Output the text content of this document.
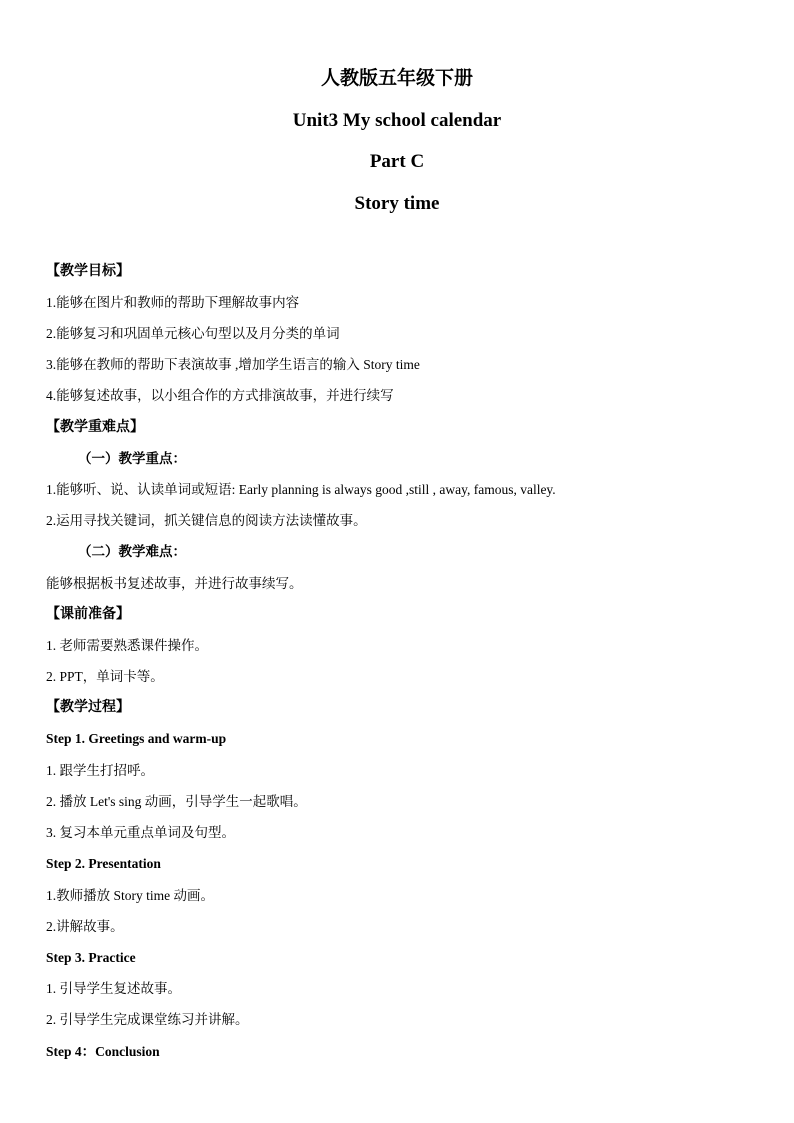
人教版五年级下册
Unit3 My school calendar
Part C
Story time
【教学目标】
1.能够在图片和教师的帮助下理解故事内容
2.能够复习和巩固单元核心句型以及月分类的单词
3.能够在教师的帮助下表演故事 ,增加学生语言的输入 Story time
4.能够复述故事，以小组合作的方式排演故事，并进行续写
【教学重难点】
（一）教学重点：
1.能够听、说、认读单词或短语: Early planning is always good ,still , away, famous, valley.
2.运用寻找关键词，抓关键信息的阅读方法读懂故事。
（二）教学难点：
能够根据板书复述故事，并进行故事续写。
【课前准备】
1. 老师需要熟悉课件操作。
2. PPT，单词卡等。
【教学过程】
Step 1. Greetings and warm-up
1. 跟学生打招呼。
2. 播放 Let's sing 动画，引导学生一起歌唱。
3. 复习本单元重点单词及句型。
Step 2. Presentation
1.教师播放 Story time 动画。
2.讲解故事。
Step 3. Practice
1. 引导学生复述故事。
2. 引导学生完成课堂练习并讲解。
Step 4：Conclusion
